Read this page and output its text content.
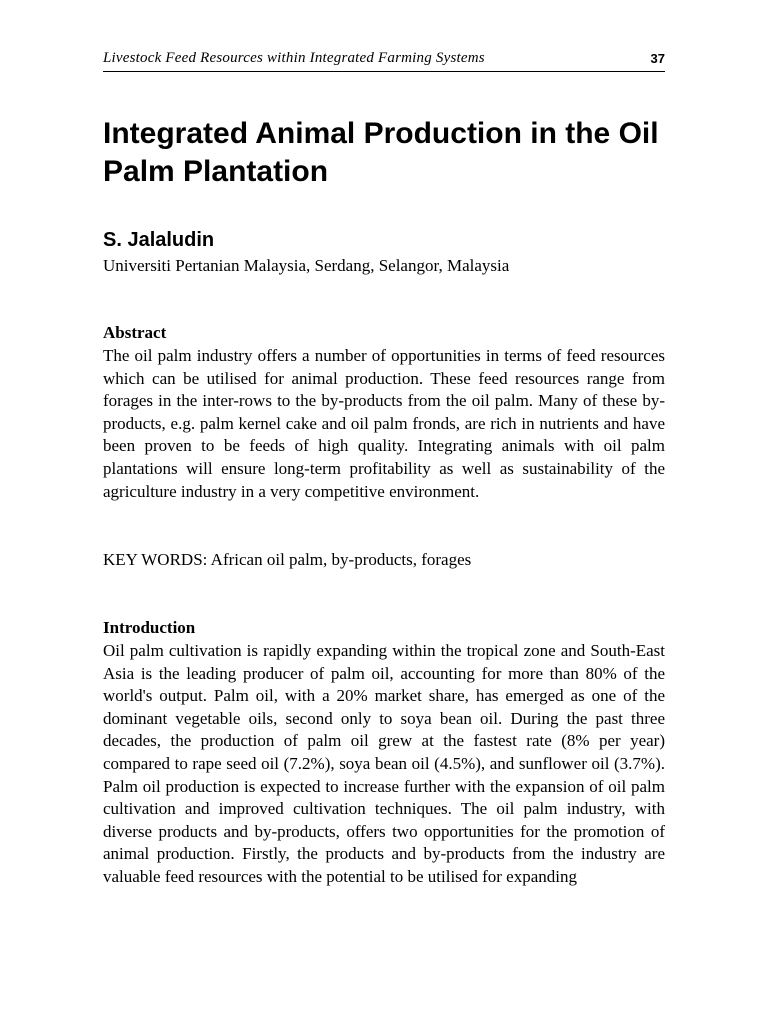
Livestock Feed Resources within Integrated Farming Systems	37
Integrated Animal Production in the Oil Palm Plantation
S. Jalaludin
Universiti Pertanian Malaysia, Serdang, Selangor, Malaysia
Abstract

The oil palm industry offers a number of opportunities in terms of feed resources which can be utilised for animal production. These feed resources range from forages in the inter-rows to the by-products from the oil palm. Many of these by-products, e.g. palm kernel cake and oil palm fronds, are rich in nutrients and have been proven to be feeds of high quality. Integrating animals with oil palm plantations will ensure long-term profitability as well as sustainability of the agriculture industry in a very competitive environment.

KEY WORDS: African oil palm, by-products, forages

Introduction

Oil palm cultivation is rapidly expanding within the tropical zone and South-East Asia is the leading producer of palm oil, accounting for more than 80% of the world's output. Palm oil, with a 20% market share, has emerged as one of the dominant vegetable oils, second only to soya bean oil. During the past three decades, the production of palm oil grew at the fastest rate (8% per year) compared to rape seed oil (7.2%), soya bean oil (4.5%), and sunflower oil (3.7%). Palm oil production is expected to increase further with the expansion of oil palm cultivation and improved cultivation techniques. The oil palm industry, with diverse products and by-products, offers two opportunities for the promotion of animal production. Firstly, the products and by-products from the industry are valuable feed resources with the potential to be utilised for expanding
